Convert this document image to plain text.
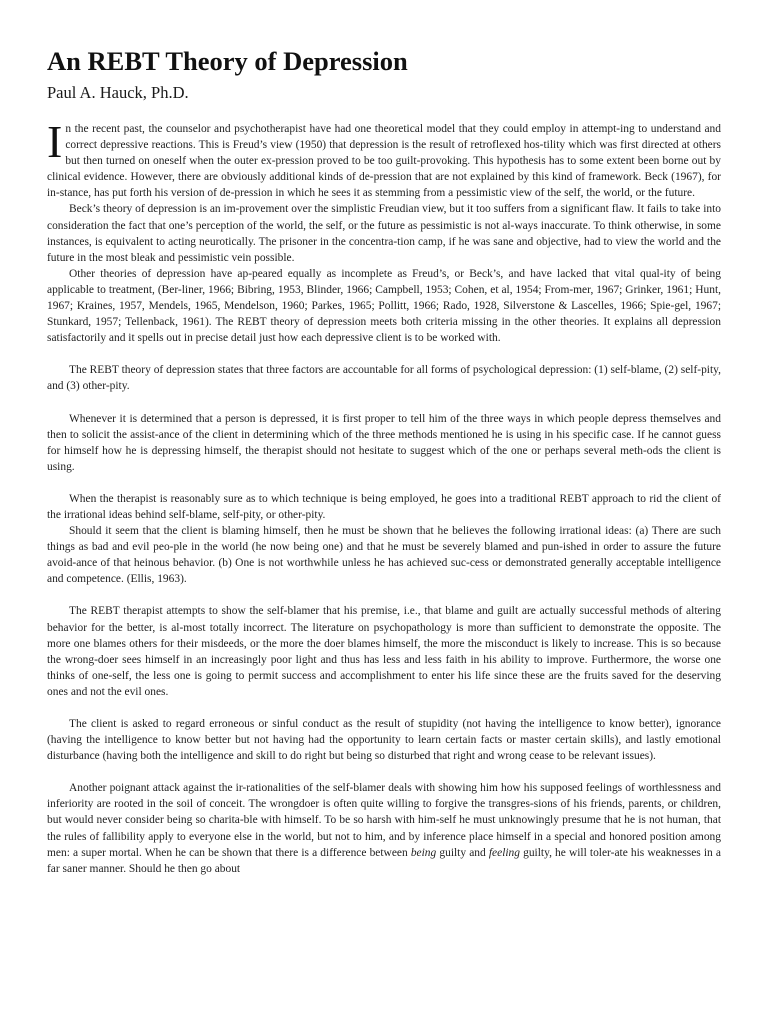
An REBT Theory of Depression
Paul A. Hauck, Ph.D.

In the recent past, the counselor and psychotherapist have had one theoretical model that they could employ in attempt-ing to understand and correct depressive reactions. This is Freud’s view (1950) that depression is the result of retroflexed hos-tility which was first directed at others but then turned on oneself when the outer ex-pression proved to be too guilt-provoking. This hypothesis has to some extent been borne out by clinical evidence. However, there are obviously additional kinds of de-pression that are not explained by this kind of framework. Beck (1967), for in-stance, has put forth his version of de-pression in which he sees it as stemming from a pessimistic view of the self, the world, or the future.

Beck’s theory of depression is an im-provement over the simplistic Freudian view, but it too suffers from a significant flaw. It fails to take into consideration the fact that one’s perception of the world, the self, or the future as pessimistic is not al-ways inaccurate. To think otherwise, in some instances, is equivalent to acting neurotically. The prisoner in the concentra-tion camp, if he was sane and objective, had to view the world and the future in the most bleak and pessimistic vein possible.

Other theories of depression have ap-peared equally as incomplete as Freud’s, or Beck’s, and have lacked that vital qual-ity of being applicable to treatment, (Ber-liner, 1966; Bibring, 1953, Blinder, 1966; Campbell, 1953; Cohen, et al, 1954; From-mer, 1967; Grinker, 1961; Hunt, 1967; Kraines, 1957, Mendels, 1965, Mendelson, 1960; Parkes, 1965; Pollitt, 1966; Rado, 1928, Silverstone & Lascelles, 1966; Spie-gel, 1967; Stunkard, 1957; Tellenback, 1961). The REBT theory of depression meets both criteria missing in the other theories. It explains all depression satisfactorily and it spells out in precise detail just how each depressive client is to be worked with.

The REBT theory of depression states that three factors are accountable for all forms of psychological depression: (1) self-blame, (2) self-pity, and (3) other-pity.

Whenever it is determined that a person is depressed, it is first proper to tell him of the three ways in which people depress themselves and then to solicit the assist-ance of the client in determining which of the three methods mentioned he is using in his specific case. If he cannot guess for himself how he is depressing himself, the therapist should not hesitate to suggest which of the one or perhaps several meth-ods the client is using.

When the therapist is reasonably sure as to which technique is being employed, he goes into a traditional REBT approach to rid the client of the irrational ideas behind self-blame, self-pity, or other-pity.

Should it seem that the client is blaming himself, then he must be shown that he believes the following irrational ideas: (a) There are such things as bad and evil peo-ple in the world (he now being one) and that he must be severely blamed and pun-ished in order to assure the future avoid-ance of that heinous behavior. (b) One is not worthwhile unless he has achieved suc-cess or demonstrated generally acceptable intelligence and competence. (Ellis, 1963).

The REBT therapist attempts to show the self-blamer that his premise, i.e., that blame and guilt are actually successful methods of altering behavior for the better, is al-most totally incorrect. The literature on psychopathology is more than sufficient to demonstrate the opposite. The more one blames others for their misdeeds, or the more the doer blames himself, the more the misconduct is likely to increase. This is so because the wrong-doer sees himself in an increasingly poor light and thus has less and less faith in his ability to improve. Furthermore, the worse one thinks of one-self, the less one is going to permit success and accomplishment to enter his life since these are the fruits saved for the deserving ones and not the evil ones.

The client is asked to regard erroneous or sinful conduct as the result of stupidity (not having the intelligence to know better), ignorance (having the intelligence to know better but not having had the opportunity to learn certain facts or master certain skills), and lastly emotional disturbance (having both the intelligence and skill to do right but being so disturbed that right and wrong cease to be relevant issues).

Another poignant attack against the ir-rationalities of the self-blamer deals with showing him how his supposed feelings of worthlessness and inferiority are rooted in the soil of conceit. The wrongdoer is often quite willing to forgive the transgres-sions of his friends, parents, or children, but would never consider being so charita-ble with himself. To be so harsh with him-self he must unknowingly presume that he is not human, that the rules of fallibility apply to everyone else in the world, but not to him, and by inference place himself in a special and honored position among men: a super mortal. When he can be shown that there is a difference between being guilty and feeling guilty, he will toler-ate his weaknesses in a far saner manner. Should he then go about
